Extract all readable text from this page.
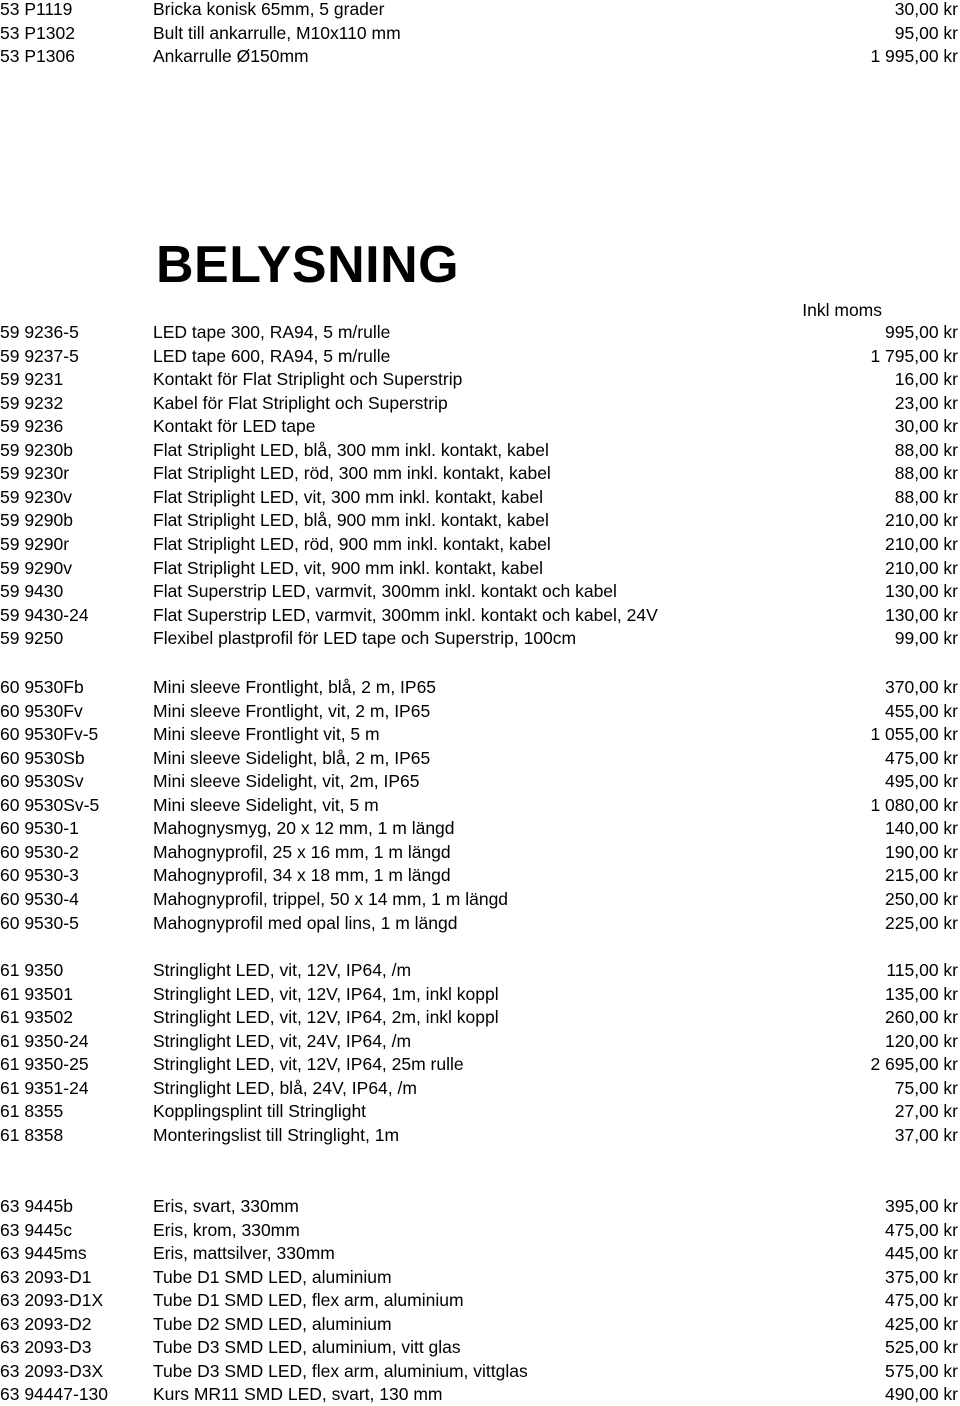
53 P1119	Bricka konisk 65mm, 5 grader	30,00 kr
53 P1302	Bult till ankarrulle, M10x110 mm	95,00 kr
53 P1306	Ankarrulle Ø150mm	1 995,00 kr
59 9236-5	LED tape 300, RA94, 5 m/rulle	995,00 kr
59 9237-5	LED tape 600, RA94, 5 m/rulle	1 795,00 kr
59 9231	Kontakt för Flat Striplight och Superstrip	16,00 kr
59 9232	Kabel för Flat Striplight och Superstrip	23,00 kr
59 9236	Kontakt för LED tape	30,00 kr
59 9230b	Flat Striplight LED, blå, 300 mm inkl. kontakt, kabel	88,00 kr
59 9230r	Flat Striplight LED, röd, 300 mm inkl. kontakt, kabel	88,00 kr
59 9230v	Flat Striplight LED, vit, 300 mm inkl. kontakt, kabel	88,00 kr
59 9290b	Flat Striplight LED, blå, 900 mm inkl. kontakt, kabel	210,00 kr
59 9290r	Flat Striplight LED, röd, 900 mm inkl. kontakt, kabel	210,00 kr
59 9290v	Flat Striplight LED, vit, 900 mm inkl. kontakt, kabel	210,00 kr
59 9430	Flat Superstrip LED, varmvit, 300mm inkl. kontakt och kabel	130,00 kr
59 9430-24	Flat Superstrip LED, varmvit, 300mm inkl. kontakt och kabel, 24V	130,00 kr
59 9250	Flexibel plastprofil för LED tape och Superstrip, 100cm	99,00 kr
60 9530Fb	Mini sleeve Frontlight, blå, 2 m, IP65	370,00 kr
60 9530Fv	Mini sleeve Frontlight, vit, 2 m, IP65	455,00 kr
60 9530Fv-5	Mini sleeve Frontlight vit, 5 m	1 055,00 kr
60 9530Sb	Mini sleeve Sidelight, blå, 2 m, IP65	475,00 kr
60 9530Sv	Mini sleeve Sidelight, vit, 2m, IP65	495,00 kr
60 9530Sv-5	Mini sleeve Sidelight, vit, 5 m	1 080,00 kr
60 9530-1	Mahognysmyg, 20 x 12 mm, 1 m längd	140,00 kr
60 9530-2	Mahognyprofil, 25 x 16 mm, 1 m längd	190,00 kr
60 9530-3	Mahognyprofil, 34 x 18 mm, 1 m längd	215,00 kr
60 9530-4	Mahognyprofil, trippel, 50 x 14 mm, 1 m längd	250,00 kr
60 9530-5	Mahognyprofil med opal lins, 1 m längd	225,00 kr
61 9350	Stringlight LED, vit, 12V, IP64, /m	115,00 kr
61 93501	Stringlight LED, vit, 12V, IP64, 1m, inkl koppl	135,00 kr
61 93502	Stringlight LED, vit, 12V, IP64, 2m, inkl koppl	260,00 kr
61 9350-24	Stringlight LED, vit, 24V, IP64, /m	120,00 kr
61 9350-25	Stringlight LED, vit, 12V, IP64, 25m rulle	2 695,00 kr
61 9351-24	Stringlight LED, blå, 24V, IP64, /m	75,00 kr
61 8355	Kopplingsplint till Stringlight	27,00 kr
61 8358	Monteringslist till Stringlight, 1m	37,00 kr
63 9445b	Eris, svart, 330mm	395,00 kr
63 9445c	Eris, krom, 330mm	475,00 kr
63 9445ms	Eris, mattsilver, 330mm	445,00 kr
63 2093-D1	Tube D1 SMD LED, aluminium	375,00 kr
63 2093-D1X	Tube D1 SMD LED, flex arm, aluminium	475,00 kr
63 2093-D2	Tube D2 SMD LED, aluminium	425,00 kr
63 2093-D3	Tube D3 SMD LED, aluminium, vitt glas	525,00 kr
63 2093-D3X	Tube D3 SMD LED, flex arm, aluminium, vittglas	575,00 kr
63 94447-130	Kurs MR11 SMD LED, svart, 130 mm	490,00 kr
BELYSNING
Inkl moms
